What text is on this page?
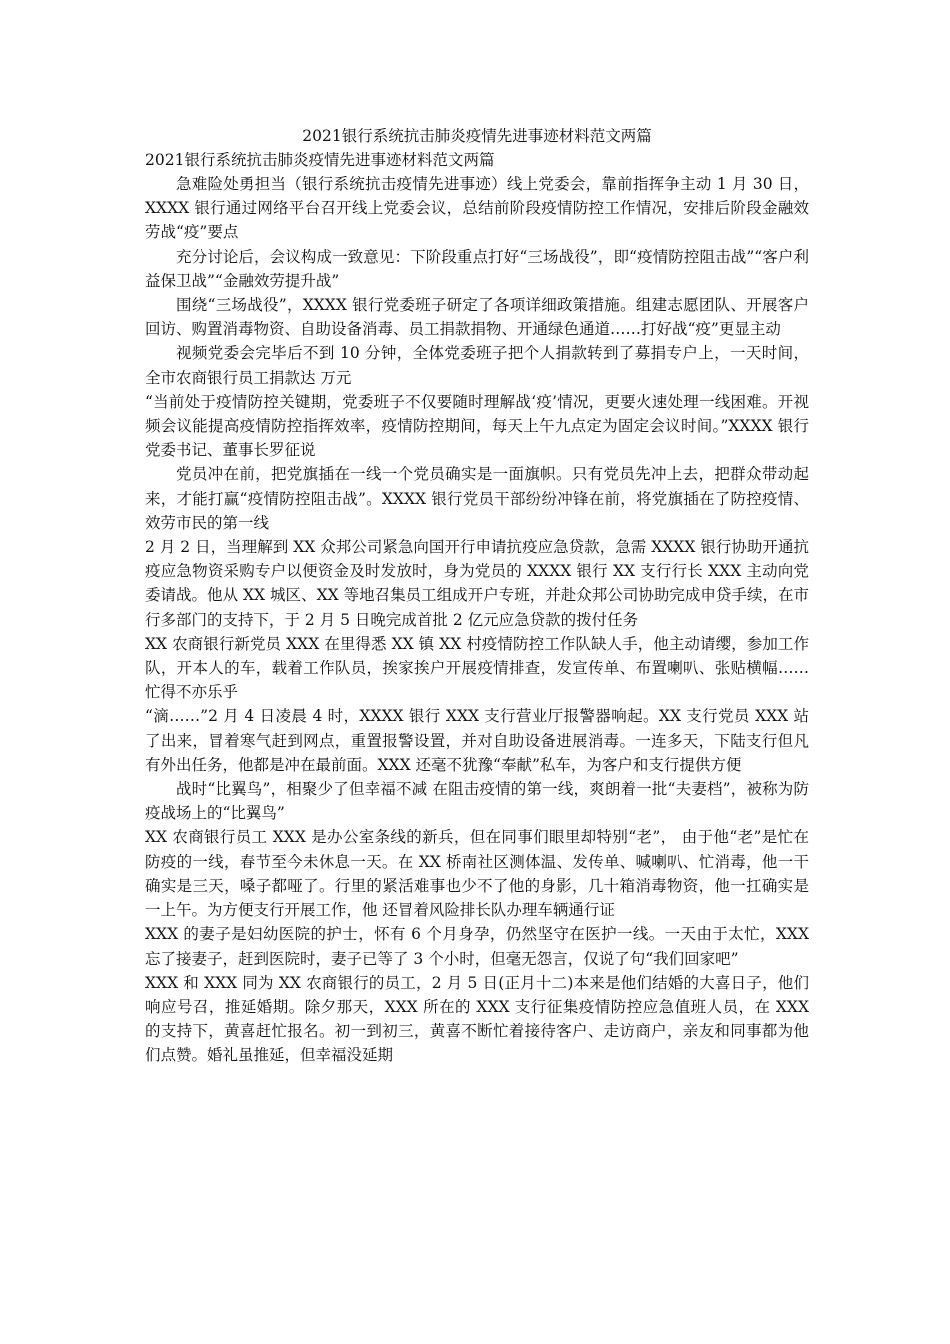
2021银行系统抗击肺炎疫情先进事迹材料范文两篇
2021银行系统抗击肺炎疫情先进事迹材料范文两篇

急难险处勇担当（银行系统抗击疫情先进事迹）线上党委会，靠前指挥争主动 1 月 30 日，XXXX 银行通过网络平台召开线上党委会议，总结前阶段疫情防控工作情况，安排后阶段金融效劳战“疫”要点

充分讨论后，会议构成一致意见：下阶段重点打好“三场战役”，即“疫情防控阻击战”“客户利益保卫战”“金融效劳提升战”

围绕“三场战役”，XXXX 银行党委班子研定了各项详细政策措施。组建志愿团队、开展客户回访、购置消毒物资、自助设备消毒、员工捐款捐物、开通绿色通道……打好战“疫”更显主动

视频党委会完毕后不到 10 分钟，全体党委班子把个人捐款转到了募捐专户上，一天时间，全市农商银行员工捐款达 万元

“当前处于疫情防控关键期，党委班子不仅要随时理解战‘疫’情况，更要火速处理一线困难。开视频会议能提高疫情防控指挥效率，疫情防控期间，每天上午九点定为固定会议时间。”XXXX 银行党委书记、董事长罗征说

党员冲在前，把党旗插在一线一个党员确实是一面旗帜。只有党员先冲上去，把群众带动起来，才能打赢“疫情防控阻击战”。XXXX 银行党员干部纷纷冲锋在前，将党旗插在了防控疫情、效劳市民的第一线

2 月 2 日，当理解到 XX 众邦公司紧急向国开行申请抗疫应急贷款，急需 XXXX 银行协助开通抗疫应急物资采购专户以便资金及时发放时，身为党员的 XXXX 银行 XX 支行行长 XXX 主动向党委请战。他从 XX 城区、XX 等地召集员工组成开户专班，并赴众邦公司协助完成申贷手续，在市行多部门的支持下，于 2 月 5 日晚完成首批 2 亿元应急贷款的拨付任务

XX 农商银行新党员 XXX 在里得悉 XX 镇 XX 村疫情防控工作队缺人手，他主动请缨，参加工作队，开本人的车，载着工作队员，挨家挨户开展疫情排查，发宣传单、布置喇叭、张贴横幅……忙得不亦乐乎

“滴……”2 月 4 日凌晨 4 时，XXXX 银行 XXX 支行营业厅报警器响起。XX 支行党员 XXX 站了出来，冒着寒气赶到网点，重置报警设置，并对自助设备进展消毒。一连多天，下陆支行但凡有外出任务，他都是冲在最前面。XXX 还毫不犹豫“奉献”私车，为客户和支行提供方便

战时“比翼鸟”，相聚少了但幸福不减 在阻击疫情的第一线，爽朗着一批“夫妻档”，被称为防疫战场上的“比翼鸟”

XX 农商银行员工 XXX 是办公室条线的新兵，但在同事们眼里却特别“老”， 由于他“老”是忙在防疫的一线，春节至今未休息一天。在 XX 桥南社区测体温、发传单、喊喇叭、忙消毒，他一干确实是三天，嗓子都哑了。行里的紧活难事也少不了他的身影，几十箱消毒物资，他一扛确实是一上午。为方便支行开展工作，他 还冒着风险排长队办理车辆通行证

XXX 的妻子是妇幼医院的护士，怀有 6 个月身孕，仍然坚守在医护一线。一天由于太忙，XXX 忘了接妻子，赶到医院时，妻子已等了 3 个小时，但毫无怨言，仅说了句“我们回家吧”

XXX 和 XXX 同为 XX 农商银行的员工，2 月 5 日(正月十二)本来是他们结婚的大喜日子，他们响应号召，推延婚期。除夕那天，XXX 所在的 XXX 支行征集疫情防控应急值班人员，在 XXX 的支持下，黄喜赶忙报名。初一到初三，黄喜不断忙着接待客户、走访商户，亲友和同事都为他们点赞。婚礼虽推延，但幸福没延期
